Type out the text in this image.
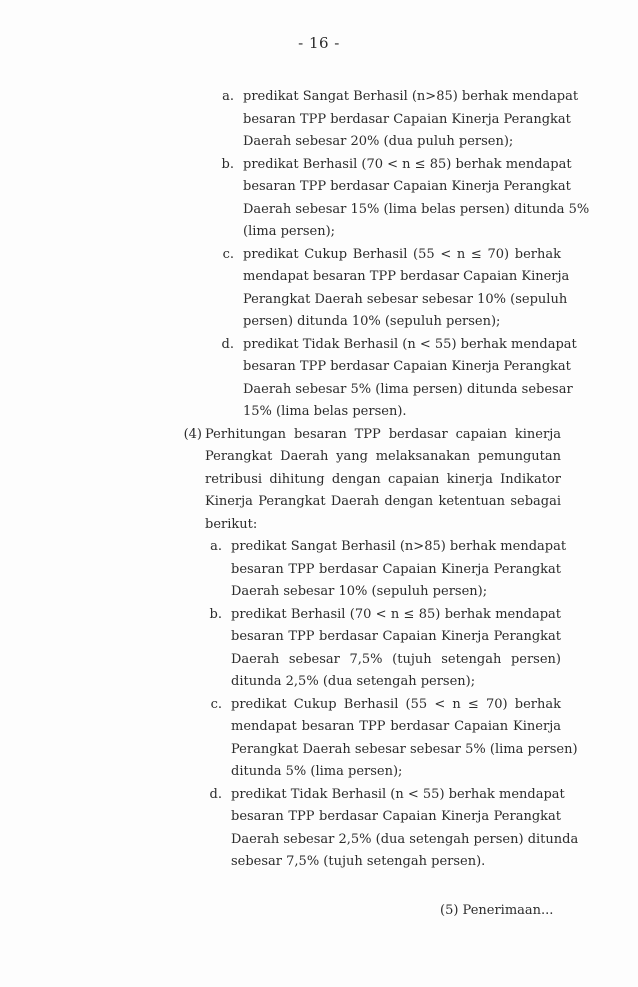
- 16 -
a. predikat Sangat Berhasil (n>85) berhak mendapat
besaran TPP berdasar Capaian Kinerja Perangkat
Daerah sebesar 20% (dua puluh persen);
b. predikat Berhasil (70 < n ≤ 85) berhak mendapat
besaran TPP berdasar Capaian Kinerja Perangkat
Daerah sebesar 15% (lima belas persen) ditunda 5%
(lima persen);
c. predikat Cukup Berhasil (55 < n ≤ 70) berhak
mendapat besaran TPP berdasar Capaian Kinerja
Perangkat Daerah sebesar sebesar 10% (sepuluh
persen) ditunda 10% (sepuluh persen);
d. predikat Tidak Berhasil (n < 55) berhak mendapat
besaran TPP berdasar Capaian Kinerja Perangkat
Daerah sebesar 5% (lima persen) ditunda sebesar
15% (lima belas persen).
(4) Perhitungan besaran TPP berdasar capaian kinerja
Perangkat Daerah yang melaksanakan pemungutan
retribusi dihitung dengan capaian kinerja Indikator
Kinerja Perangkat Daerah dengan ketentuan sebagai
berikut:
a. predikat Sangat Berhasil (n>85) berhak mendapat
besaran TPP berdasar Capaian Kinerja Perangkat
Daerah sebesar 10% (sepuluh persen);
b. predikat Berhasil (70 < n ≤ 85) berhak mendapat
besaran TPP berdasar Capaian Kinerja Perangkat
Daerah sebesar 7,5% (tujuh setengah persen)
ditunda 2,5% (dua setengah persen);
c. predikat Cukup Berhasil (55 < n ≤ 70) berhak
mendapat besaran TPP berdasar Capaian Kinerja
Perangkat Daerah sebesar sebesar 5% (lima persen)
ditunda 5% (lima persen);
d. predikat Tidak Berhasil (n < 55) berhak mendapat
besaran TPP berdasar Capaian Kinerja Perangkat
Daerah sebesar 2,5% (dua setengah persen) ditunda
sebesar 7,5% (tujuh setengah persen).
(5) Penerimaan...
